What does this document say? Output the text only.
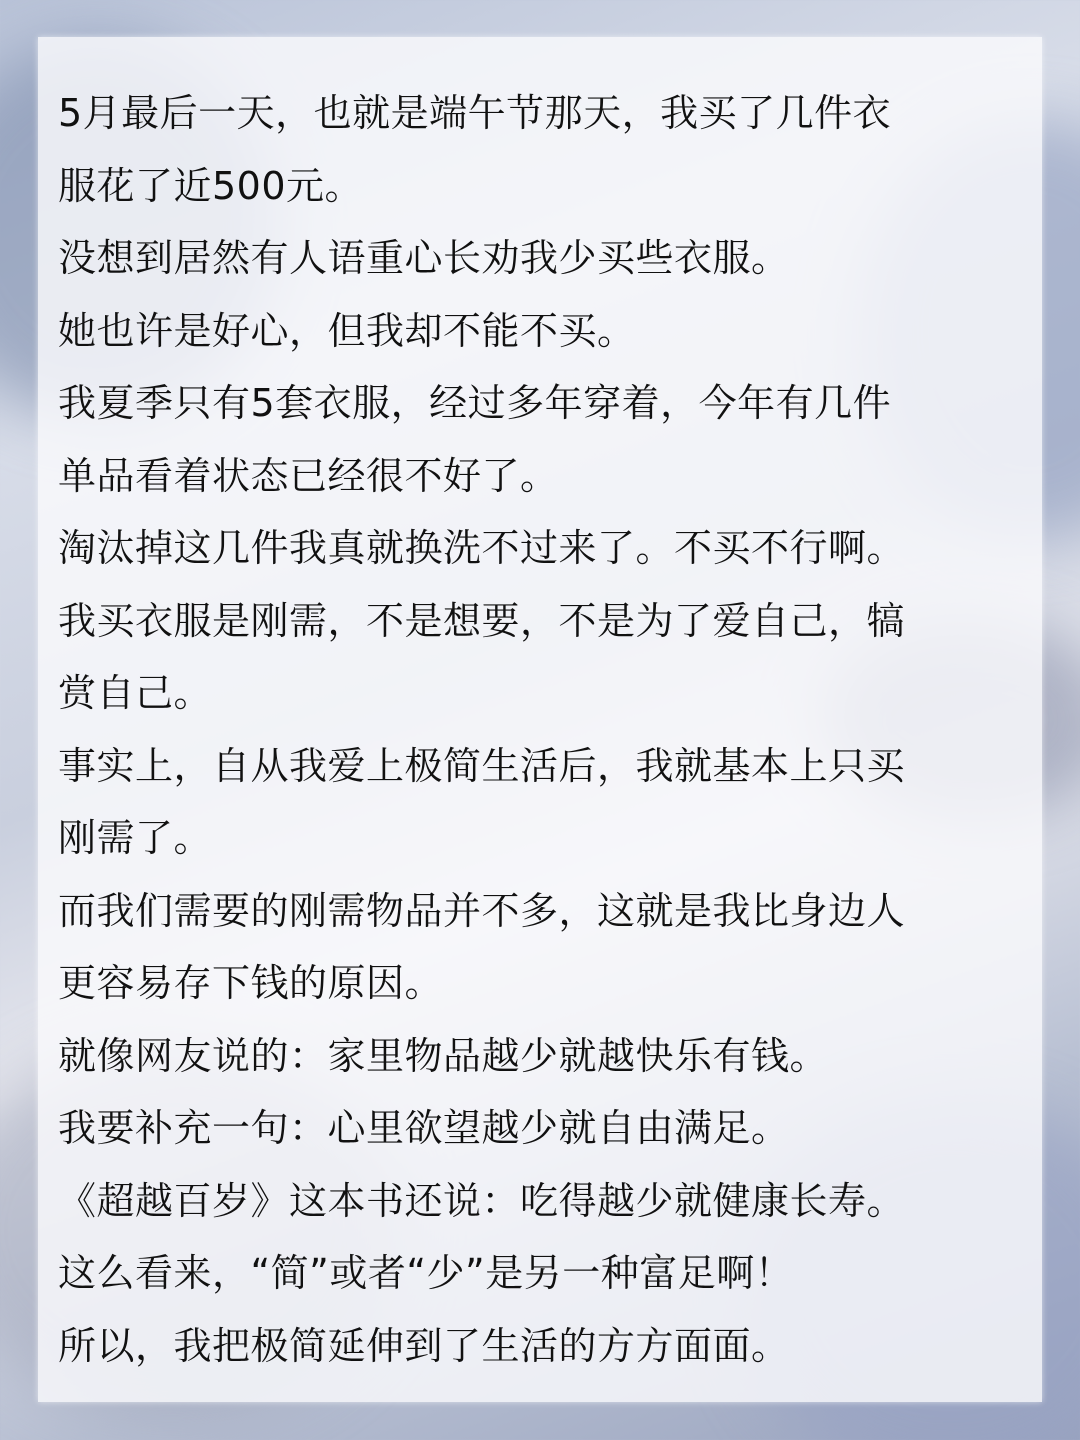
5月最后一天，也就是端午节那天，我买了几件衣
服花了近500元。
没想到居然有人语重心长劝我少买些衣服。
她也许是好心，但我却不能不买。
我夏季只有5套衣服，经过多年穿着，今年有几件
单品看着状态已经很不好了。
淘汰掉这几件我真就换洗不过来了。不买不行啊。
我买衣服是刚需，不是想要，不是为了爱自己，犒
赏自己。
事实上，自从我爱上极简生活后，我就基本上只买
刚需了。
而我们需要的刚需物品并不多，这就是我比身边人
更容易存下钱的原因。
就像网友说的：家里物品越少就越快乐有钱。
我要补充一句：心里欲望越少就自由满足。
《超越百岁》这本书还说：吃得越少就健康长寿。
这么看来，“简”或者“少”是另一种富足啊！
所以，我把极简延伸到了生活的方方面面。
